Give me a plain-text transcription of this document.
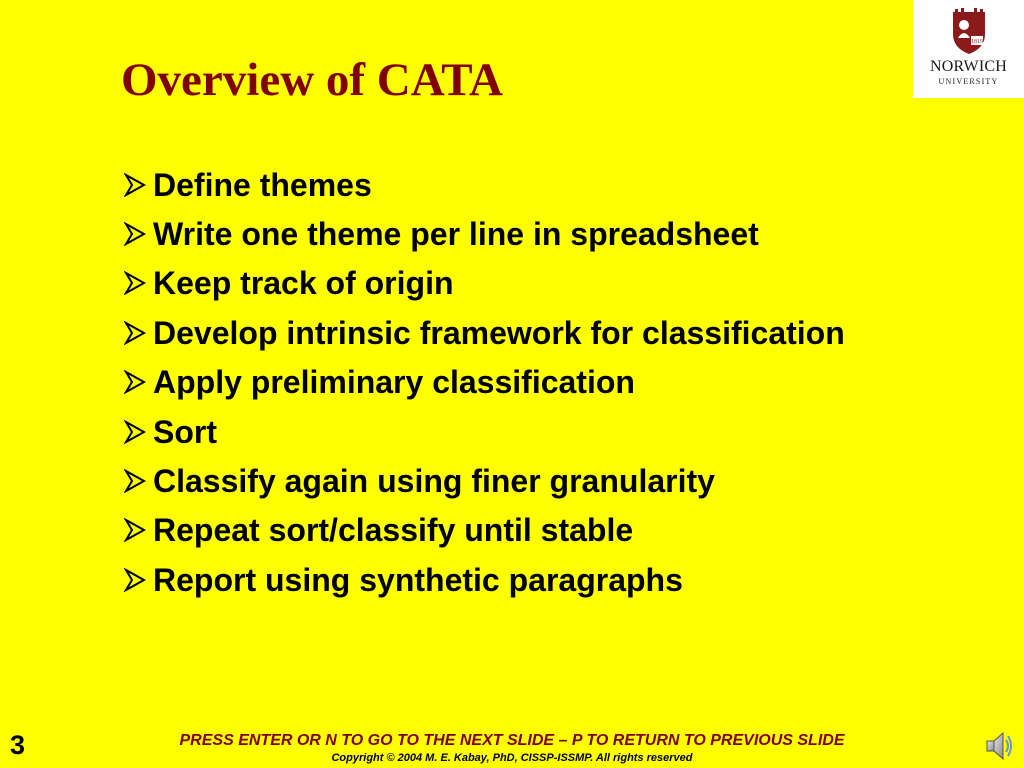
Overview of CATA
1819
NORWICH
UNIVERSITY
Define themes
Write one theme per line in spreadsheet
Keep track of origin
Develop intrinsic framework for classification
Apply preliminary classification
Sort
Classify again using finer granularity
Repeat sort/classify until stable
Report using synthetic paragraphs
3	PRESS ENTER OR N TO GO TO THE NEXT SLIDE – P TO RETURN TO PREVIOUS SLIDE
Copyright © 2004 M. E. Kabay, PhD, CISSP-ISSMP. All rights reserved
